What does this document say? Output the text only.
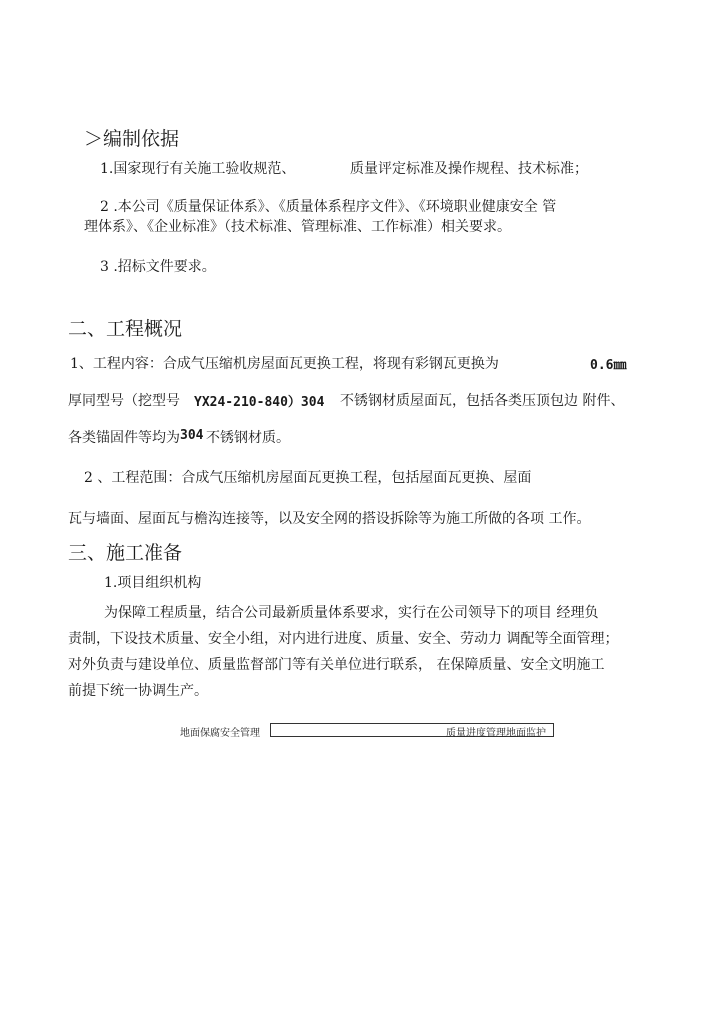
＞编制依据
1.国家现行有关施工验收规范、	质量评定标准及操作规程、技术标准；
2 .本公司《质量保证体系》、《质量体系程序文件》、《环境职业健康安全 管
理体系》、《企业标准》（技术标准、管理标准、工作标准）相关要求。
3 .招标文件要求。
二、工程概况
1、工程内容：合成气压缩机房屋面瓦更换工程，将现有彩钢瓦更换为	0.6㎜
厚同型号（挖型号 YX24-210-840）304 不锈钢材质屋面瓦，包括各类压顶包边 附件、
各类锚固件等均为 304 不锈钢材质。
2 、工程范围：合成气压缩机房屋面瓦更换工程，包括屋面瓦更换、屋面
瓦与墙面、屋面瓦与檐沟连接等，以及安全网的搭设拆除等为施工所做的各项 工作。
三、施工准备
1.项目组织机构
为保障工程质量，结合公司最新质量体系要求，实行在公司领导下的项目 经理负
责制，下设技术质量、安全小组，对内进行进度、质量、安全、劳动力 调配等全面管理；
对外负责与建设单位、质量监督部门等有关单位进行联系， 在保障质量、安全文明施工
前提下统一协调生产。
地面保腐安全管理	质量进度管理地面监护
